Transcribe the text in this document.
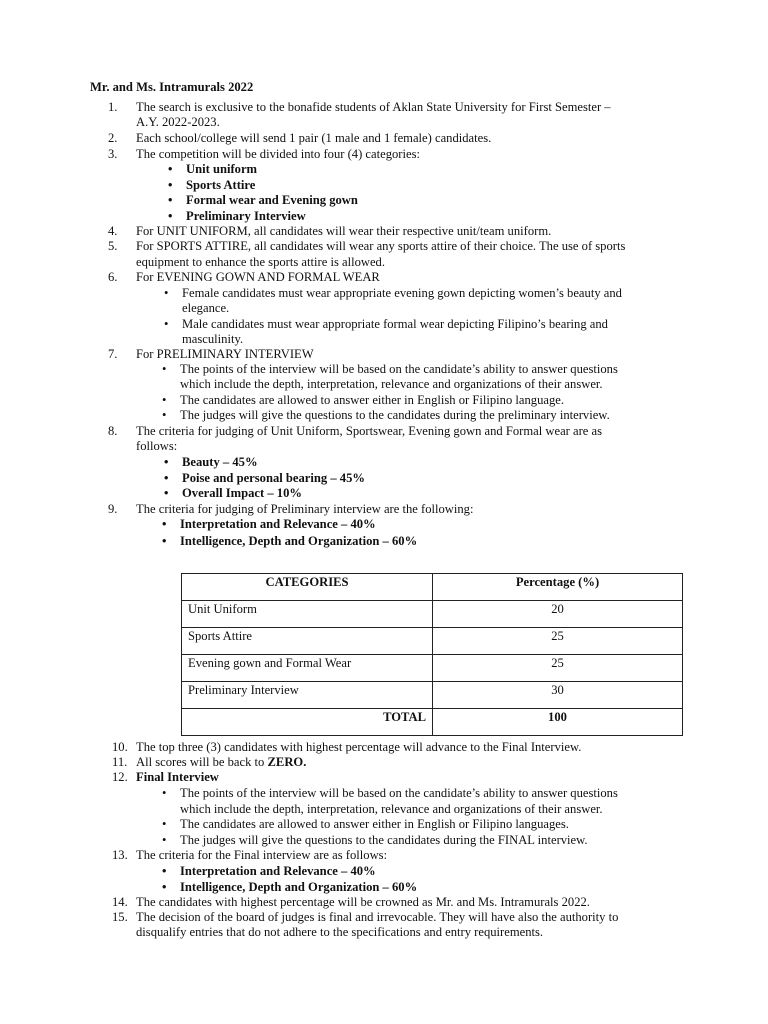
Mr. and Ms. Intramurals 2022
1.	The search is exclusive to the bonafide students of Aklan State University for First Semester –
A.Y. 2022-2023.
2.	Each school/college will send 1 pair (1 male and 1 female) candidates.
3.	The competition will be divided into four (4) categories:
• Unit uniform
• Sports Attire
• Formal wear and Evening gown
• Preliminary Interview
4.	For UNIT UNIFORM, all candidates will wear their respective unit/team uniform.
5.	For SPORTS ATTIRE, all candidates will wear any sports attire of their choice. The use of sports
equipment to enhance the sports attire is allowed.
6.	For EVENING GOWN AND FORMAL WEAR
• Female candidates must wear appropriate evening gown depicting women’s beauty and
elegance.
• Male candidates must wear appropriate formal wear depicting Filipino’s bearing and
masculinity.
7.	For PRELIMINARY INTERVIEW
• The points of the interview will be based on the candidate’s ability to answer questions
which include the depth, interpretation, relevance and organizations of their answer.
• The candidates are allowed to answer either in English or Filipino language.
• The judges will give the questions to the candidates during the preliminary interview.
8.	The criteria for judging of Unit Uniform, Sportswear, Evening gown and Formal wear are as
follows:
• Beauty – 45%
• Poise and personal bearing – 45%
• Overall Impact – 10%
9.	The criteria for judging of Preliminary interview are the following:
• Interpretation and Relevance – 40%
• Intelligence, Depth and Organization – 60%
CATEGORIES	Percentage (%)
Unit Uniform	20
Sports Attire	25
Evening gown and Formal Wear	25
Preliminary Interview	30
TOTAL	100
10. The top three (3) candidates with highest percentage will advance to the Final Interview.
11. All scores will be back to ZERO.
12. Final Interview
• The points of the interview will be based on the candidate’s ability to answer questions
which include the depth, interpretation, relevance and organizations of their answer.
• The candidates are allowed to answer either in English or Filipino languages.
• The judges will give the questions to the candidates during the FINAL interview.
13. The criteria for the Final interview are as follows:
• Interpretation and Relevance – 40%
• Intelligence, Depth and Organization – 60%
14. The candidates with highest percentage will be crowned as Mr. and Ms. Intramurals 2022.
15. The decision of the board of judges is final and irrevocable. They will have also the authority to
disqualify entries that do not adhere to the specifications and entry requirements.
